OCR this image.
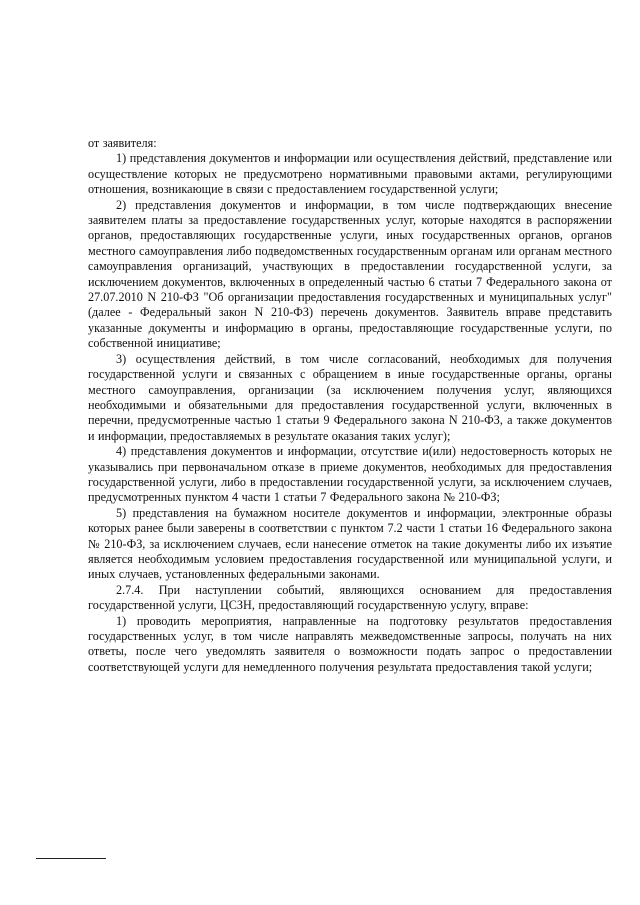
от заявителя:

1) представления документов и информации или осуществления действий, представление или осуществление которых не предусмотрено нормативными правовыми актами, регулирующими отношения, возникающие в связи с предоставлением государственной услуги;

2) представления документов и информации, в том числе подтверждающих внесение заявителем платы за предоставление государственных услуг, которые находятся в распоряжении органов, предоставляющих государственные услуги, иных государственных органов, органов местного самоуправления либо подведомственных государственным органам или органам местного самоуправления организаций, участвующих в предоставлении государственной услуги, за исключением документов, включенных в определенный частью 6 статьи 7 Федерального закона от 27.07.2010 N 210-ФЗ "Об организации предоставления государственных и муниципальных услуг" (далее - Федеральный закон N 210-ФЗ) перечень документов. Заявитель вправе представить указанные документы и информацию в органы, предоставляющие государственные услуги, по собственной инициативе;

3) осуществления действий, в том числе согласований, необходимых для получения государственной услуги и связанных с обращением в иные государственные органы, органы местного самоуправления, организации (за исключением получения услуг, являющихся необходимыми и обязательными для предоставления государственной услуги, включенных в перечни, предусмотренные частью 1 статьи 9 Федерального закона N 210-ФЗ, а также документов и информации, предоставляемых в результате оказания таких услуг);

4) представления документов и информации, отсутствие и(или) недостоверность которых не указывались при первоначальном отказе в приеме документов, необходимых для предоставления государственной услуги, либо в предоставлении государственной услуги, за исключением случаев, предусмотренных пунктом 4 части 1 статьи 7 Федерального закона № 210-ФЗ;

5) представления на бумажном носителе документов и информации, электронные образы которых ранее были заверены в соответствии с пунктом 7.2 части 1 статьи 16 Федерального закона № 210-ФЗ, за исключением случаев, если нанесение отметок на такие документы либо их изъятие является необходимым условием предоставления государственной или муниципальной услуги, и иных случаев, установленных федеральными законами.

2.7.4. При наступлении событий, являющихся основанием для предоставления государственной услуги, ЦСЗН, предоставляющий государственную услугу, вправе:

1) проводить мероприятия, направленные на подготовку результатов предоставления государственных услуг, в том числе направлять межведомственные запросы, получать на них ответы, после чего уведомлять заявителя о возможности подать запрос о предоставлении соответствующей услуги для немедленного получения результата предоставления такой услуги;
